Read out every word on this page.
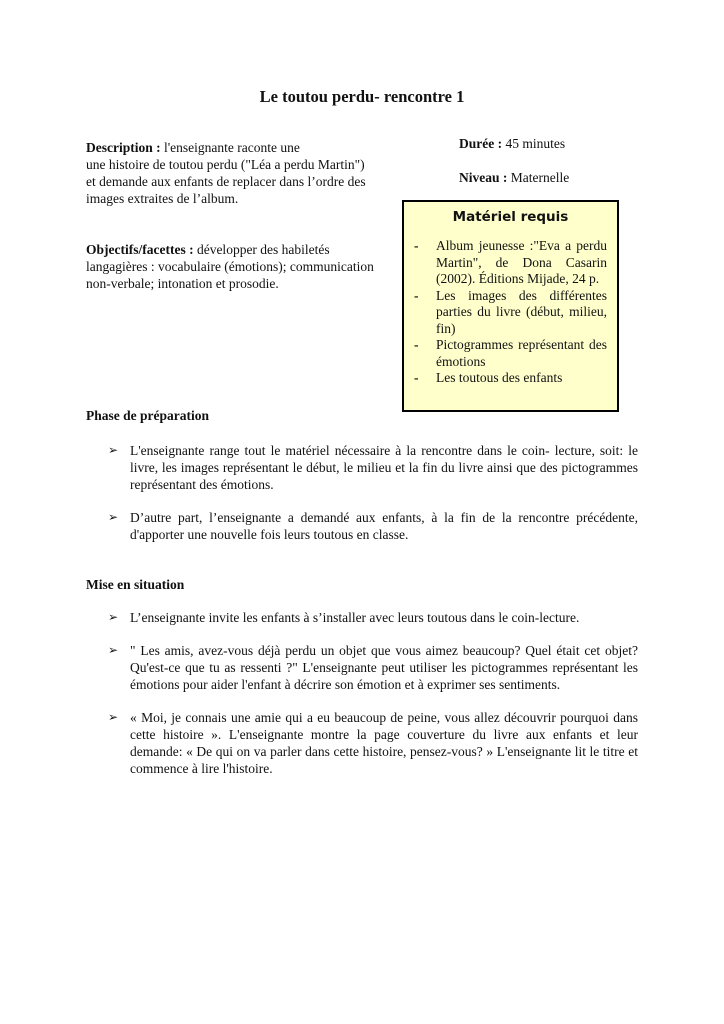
Le toutou perdu- rencontre 1

Description : l'enseignante raconte une
une histoire de toutou perdu ("Léa a perdu Martin") et demande aux enfants de replacer dans l’ordre des images extraites de l’album.

Objectifs/facettes : développer des habiletés langagières : vocabulaire (émotions); communication non-verbale; intonation et prosodie.

Durée : 45 minutes
Niveau : Maternelle
Matériel requis
- Album jeunesse :"Eva a perdu Martin", de Dona Casarin (2002). Éditions Mijade, 24 p.
- Les images des différentes parties du livre (début, milieu, fin)
- Pictogrammes représentant des émotions
- Les toutous des enfants
Phase de préparation
➢ L'enseignante range tout le matériel nécessaire à la rencontre dans le coin- lecture, soit: le livre, les images représentant le début, le milieu et la fin du livre ainsi que des pictogrammes représentant des émotions.
➢ D’autre part, l’enseignante a demandé aux enfants, à la fin de la rencontre précédente, d'apporter une nouvelle fois leurs toutous en classe.
Mise en situation
➢ L’enseignante invite les enfants à s’installer avec leurs toutous dans le coin-lecture.
➢ " Les amis, avez-vous déjà perdu un objet que vous aimez beaucoup? Quel était cet objet? Qu'est-ce que tu as ressenti ?" L'enseignante peut utiliser les pictogrammes représentant les émotions pour aider l'enfant à décrire son émotion et à exprimer ses sentiments.
➢ « Moi, je connais une amie qui a eu beaucoup de peine, vous allez découvrir pourquoi dans cette histoire ». L'enseignante montre la page couverture du livre aux enfants et leur demande: « De qui on va parler dans cette histoire, pensez-vous? » L'enseignante lit le titre et commence à lire l'histoire.
